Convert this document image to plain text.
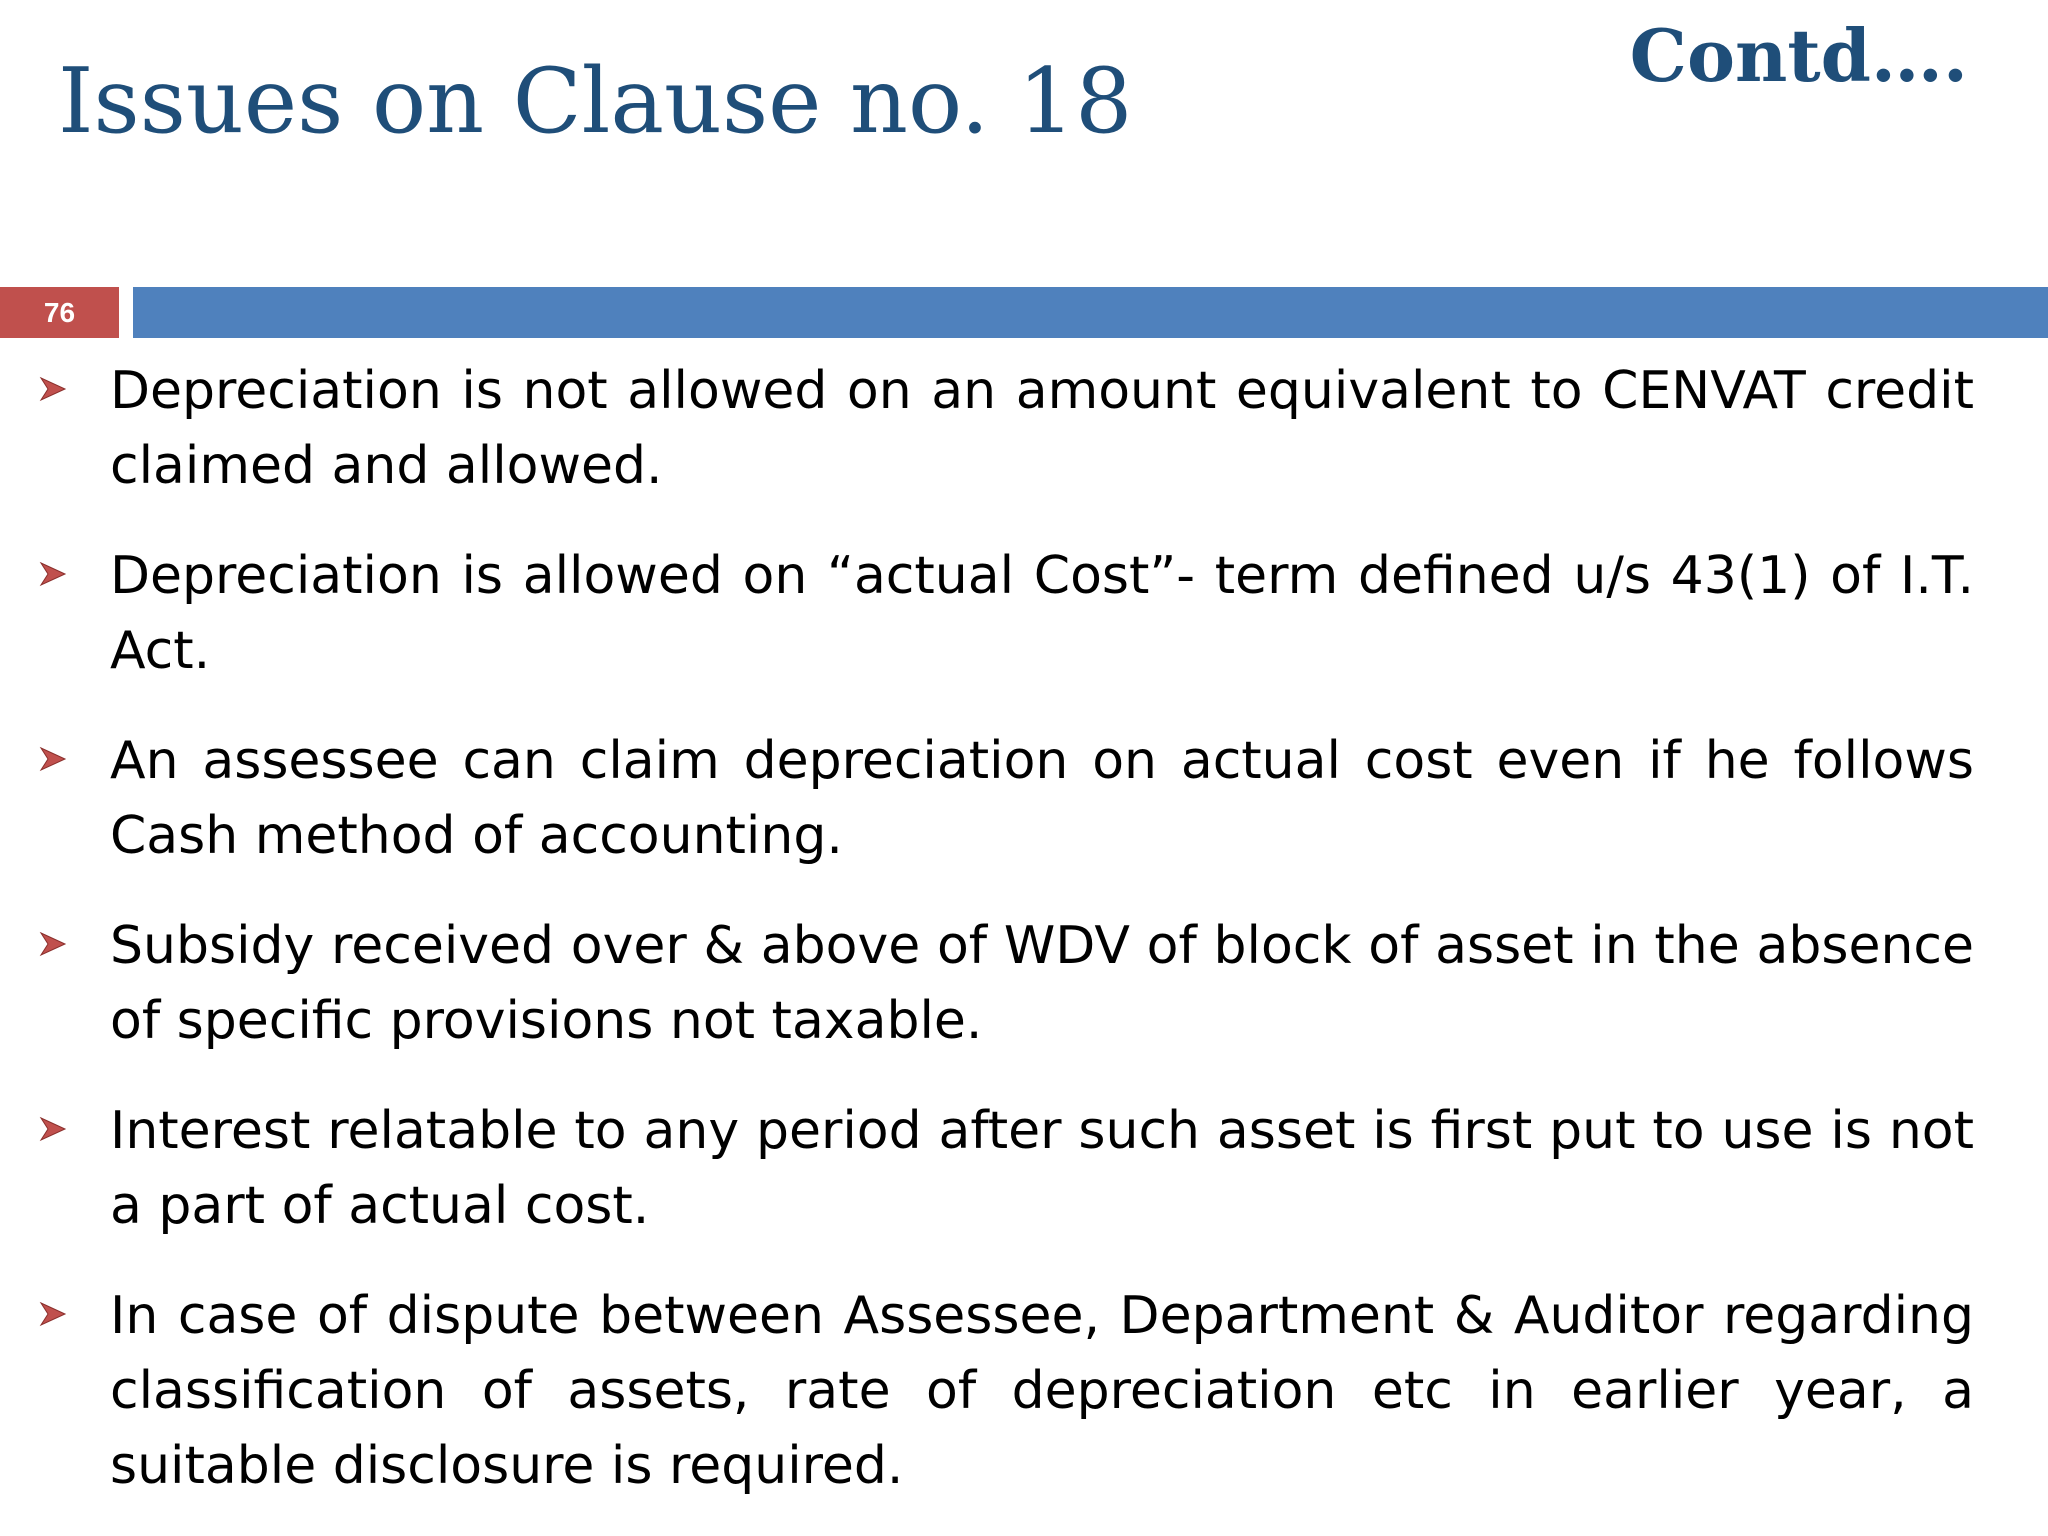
Issues on Clause no. 18	Contd….
76
Depreciation is not allowed on an amount equivalent to CENVAT credit claimed and allowed.
Depreciation is allowed on “actual Cost”- term defined u/s 43(1) of I.T. Act.
An assessee can claim depreciation on actual cost even if he follows Cash method of accounting.
Subsidy received over & above of WDV of block of asset in the absence of specific provisions not taxable.
Interest relatable to any period after such asset is first put to use is not a part of actual cost.
In case of dispute between Assessee, Department & Auditor regarding classification of assets, rate of depreciation etc in earlier year, a suitable disclosure is required.
